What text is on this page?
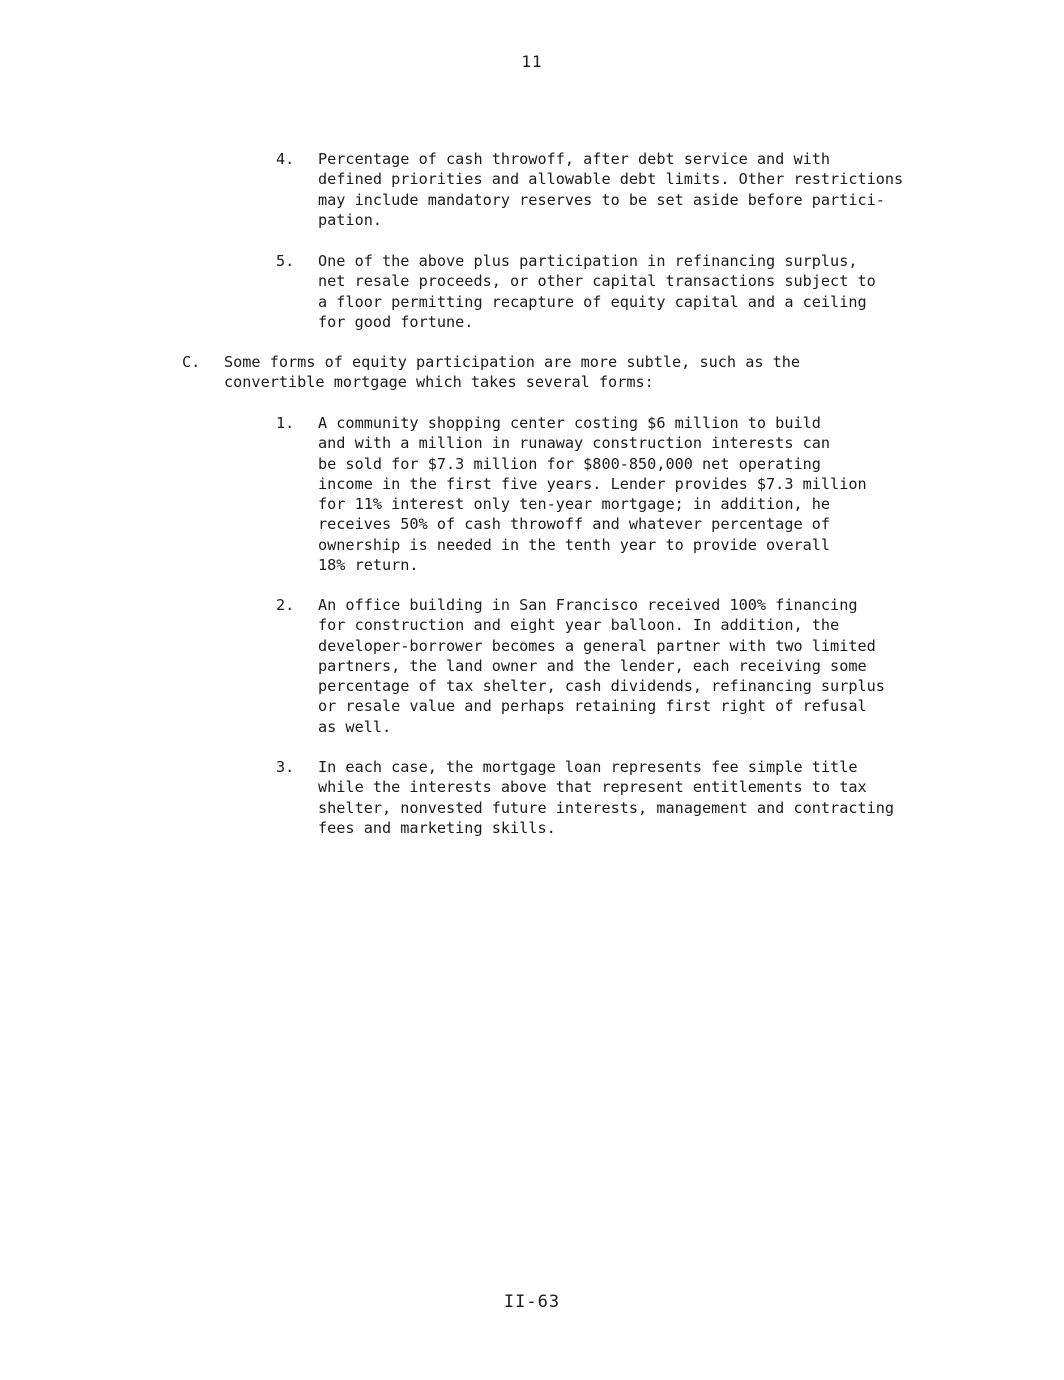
11
4. Percentage of cash throwoff, after debt service and with
defined priorities and allowable debt limits. Other restrictions
may include mandatory reserves to be set aside before partici-
pation.
5. One of the above plus participation in refinancing surplus,
net resale proceeds, or other capital transactions subject to
a floor permitting recapture of equity capital and a ceiling
for good fortune.
C. Some forms of equity participation are more subtle, such as the
convertible mortgage which takes several forms:
1. A community shopping center costing $6 million to build
and with a million in runaway construction interests can
be sold for $7.3 million for $800-850,000 net operating
income in the first five years. Lender provides $7.3 million
for 11% interest only ten-year mortgage; in addition, he
receives 50% of cash throwoff and whatever percentage of
ownership is needed in the tenth year to provide overall
18% return.
2. An office building in San Francisco received 100% financing
for construction and eight year balloon. In addition, the
developer-borrower becomes a general partner with two limited
partners, the land owner and the lender, each receiving some
percentage of tax shelter, cash dividends, refinancing surplus
or resale value and perhaps retaining first right of refusal
as well.
3. In each case, the mortgage loan represents fee simple title
while the interests above that represent entitlements to tax
shelter, nonvested future interests, management and contracting
fees and marketing skills.
II-63
